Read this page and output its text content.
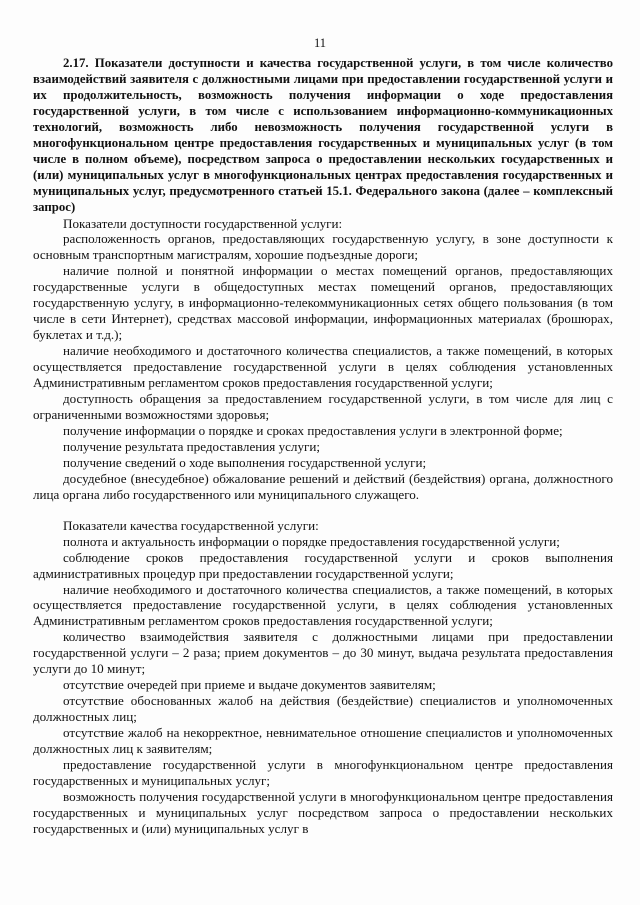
11

2.17. Показатели доступности и качества государственной услуги, в том числе количество взаимодействий заявителя с должностными лицами при предоставлении государственной услуги и их продолжительность, возможность получения информации о ходе предоставления государственной услуги, в том числе с использованием информационно-коммуникационных технологий, возможность либо невозможность получения государственной услуги в многофункциональном центре предоставления государственных и муниципальных услуг (в том числе в полном объеме), посредством запроса о предоставлении нескольких государственных и (или) муниципальных услуг в многофункциональных центрах предоставления государственных и муниципальных услуг, предусмотренного статьей 15.1. Федерального закона (далее – комплексный запрос)

Показатели доступности государственной услуги:

расположенность органов, предоставляющих государственную услугу, в зоне доступности к основным транспортным магистралям, хорошие подъездные дороги;

наличие полной и понятной информации о местах помещений органов, предоставляющих государственные услуги в общедоступных местах помещений органов, предоставляющих государственную услугу, в информационно-телекоммуникационных сетях общего пользования (в том числе в сети Интернет), средствах массовой информации, информационных материалах (брошюрах, буклетах и т.д.);

наличие необходимого и достаточного количества специалистов, а также помещений, в которых осуществляется предоставление государственной услуги в целях соблюдения установленных Административным регламентом сроков предоставления государственной услуги;

доступность обращения за предоставлением государственной услуги, в том числе для лиц с ограниченными возможностями здоровья;

получение информации о порядке и сроках предоставления услуги в электронной форме;

получение результата предоставления услуги;

получение сведений о ходе выполнения государственной услуги;

досудебное (внесудебное) обжалование решений и действий (бездействия) органа, должностного лица органа либо государственного или муниципального служащего.

Показатели качества государственной услуги:

полнота и актуальность информации о порядке предоставления государственной услуги;

соблюдение сроков предоставления государственной услуги и сроков выполнения административных процедур при предоставлении государственной услуги;

наличие необходимого и достаточного количества специалистов, а также помещений, в которых осуществляется предоставление государственной услуги, в целях соблюдения установленных Административным регламентом сроков предоставления государственной услуги;

количество взаимодействия заявителя с должностными лицами при предоставлении государственной услуги – 2 раза; прием документов – до 30 минут, выдача результата предоставления услуги до 10 минут;

отсутствие очередей при приеме и выдаче документов заявителям;

отсутствие обоснованных жалоб на действия (бездействие) специалистов и уполномоченных должностных лиц;

отсутствие жалоб на некорректное, невнимательное отношение специалистов и уполномоченных должностных лиц к заявителям;

предоставление государственной услуги в многофункциональном центре предоставления государственных и муниципальных услуг;

возможность получения государственной услуги в многофункциональном центре предоставления государственных и муниципальных услуг посредством запроса о предоставлении нескольких государственных и (или) муниципальных услуг в
